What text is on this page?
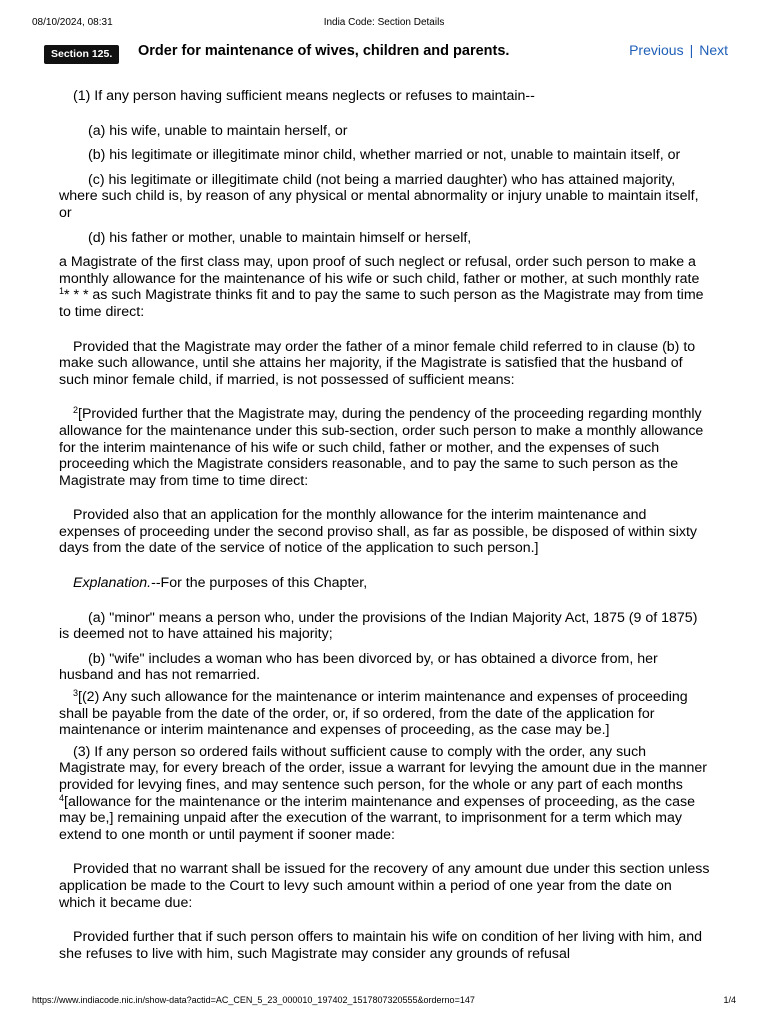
08/10/2024, 08:31	India Code: Section Details
Section 125.	Order for maintenance of wives, children and parents.	Previous | Next

(1) If any person having sufficient means neglects or refuses to maintain--

(a) his wife, unable to maintain herself, or

(b) his legitimate or illegitimate minor child, whether married or not, unable to maintain itself, or

(c) his legitimate or illegitimate child (not being a married daughter) who has attained majority, where such child is, by reason of any physical or mental abnormality or injury unable to maintain itself, or

(d) his father or mother, unable to maintain himself or herself,

a Magistrate of the first class may, upon proof of such neglect or refusal, order such person to make a monthly allowance for the maintenance of his wife or such child, father or mother, at such monthly rate $^1$* * * as such Magistrate thinks fit and to pay the same to such person as the Magistrate may from time to time direct:

Provided that the Magistrate may order the father of a minor female child referred to in clause (b) to make such allowance, until she attains her majority, if the Magistrate is satisfied that the husband of such minor female child, if married, is not possessed of sufficient means:

$^2$[Provided further that the Magistrate may, during the pendency of the proceeding regarding monthly allowance for the maintenance under this sub-section, order such person to make a monthly allowance for the interim maintenance of his wife or such child, father or mother, and the expenses of such proceeding which the Magistrate considers reasonable, and to pay the same to such person as the Magistrate may from time to time direct:

Provided also that an application for the monthly allowance for the interim maintenance and expenses of proceeding under the second proviso shall, as far as possible, be disposed of within sixty days from the date of the service of notice of the application to such person.]

Explanation.--For the purposes of this Chapter,

(a) "minor" means a person who, under the provisions of the Indian Majority Act, 1875 (9 of 1875) is deemed not to have attained his majority;

(b) "wife" includes a woman who has been divorced by, or has obtained a divorce from, her husband and has not remarried.

$^3$[(2) Any such allowance for the maintenance or interim maintenance and expenses of proceeding shall be payable from the date of the order, or, if so ordered, from the date of the application for maintenance or interim maintenance and expenses of proceeding, as the case may be.]

(3) If any person so ordered fails without sufficient cause to comply with the order, any such Magistrate may, for every breach of the order, issue a warrant for levying the amount due in the manner provided for levying fines, and may sentence such person, for the whole or any part of each months $^4$[allowance for the maintenance or the interim maintenance and expenses of proceeding, as the case may be,] remaining unpaid after the execution of the warrant, to imprisonment for a term which may extend to one month or until payment if sooner made:

Provided that no warrant shall be issued for the recovery of any amount due under this section unless application be made to the Court to levy such amount within a period of one year from the date on which it became due:

Provided further that if such person offers to maintain his wife on condition of her living with him, and she refuses to live with him, such Magistrate may consider any grounds of refusal

https://www.indiacode.nic.in/show-data?actid=AC_CEN_5_23_000010_197402_1517807320555&orderno=147	1/4
